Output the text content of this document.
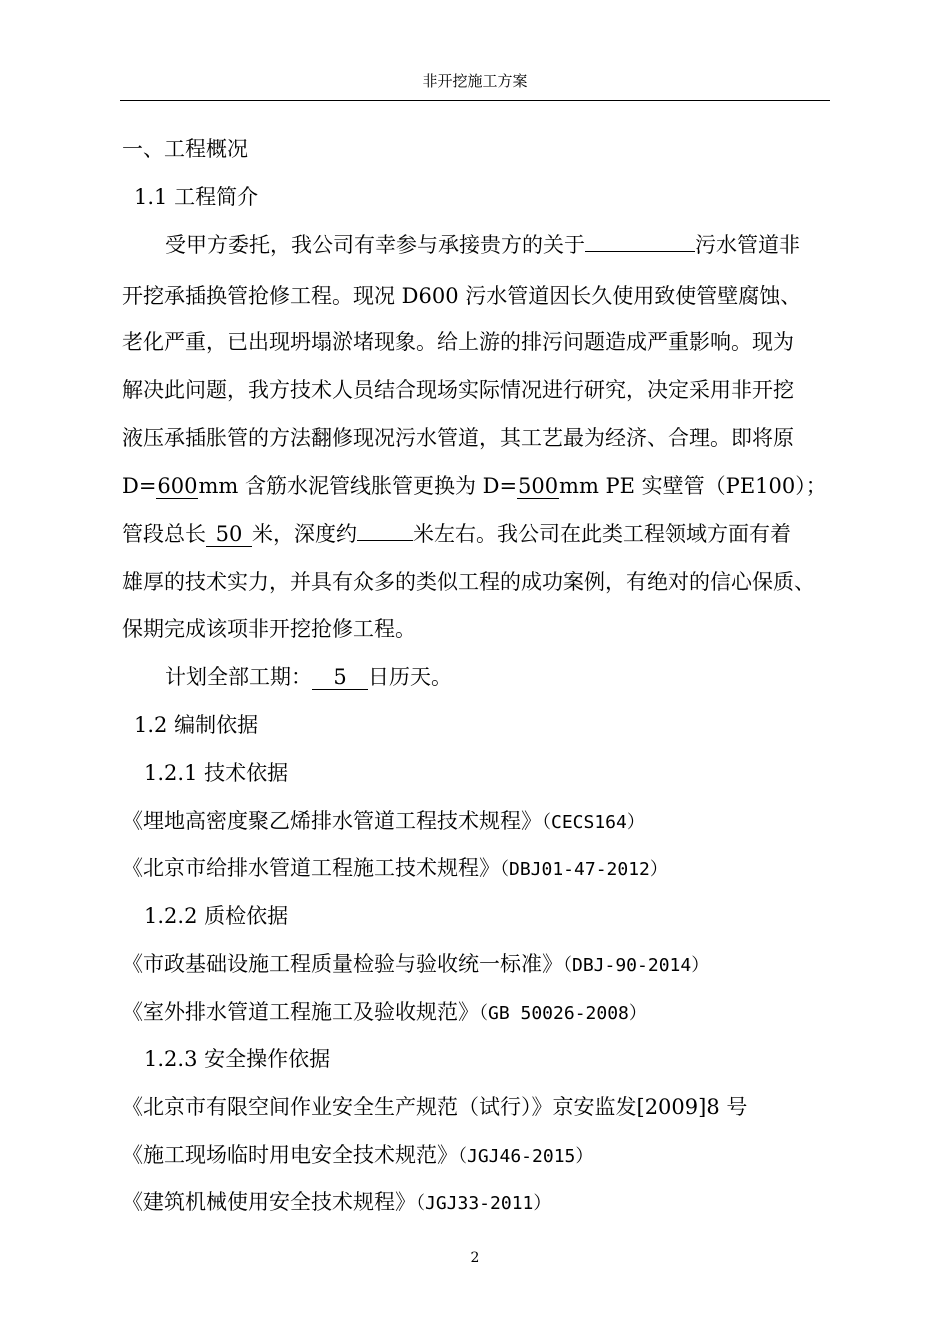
非开挖施工方案
一、工程概况
1.1 工程简介
受甲方委托，我公司有幸参与承接贵方的关于	污水管道非
开挖承插换管抢修工程。现况 D600 污水管道因长久使用致使管壁腐蚀、
老化严重，已出现坍塌淤堵现象。给上游的排污问题造成严重影响。现为
解决此问题，我方技术人员结合现场实际情况进行研究，决定采用非开挖
液压承插胀管的方法翻修现况污水管道，其工艺最为经济、合理。即将原
D=600mm 含筋水泥管线胀管更换为 D=500mm PE 实壁管（PE100）；
管段总长 50 米，深度约	米左右。我公司在此类工程领域方面有着
雄厚的技术实力，并具有众多的类似工程的成功案例，有绝对的信心保质、
保期完成该项非开挖抢修工程。
计划全部工期： 5 日历天。
1.2 编制依据
1.2.1 技术依据
《埋地高密度聚乙烯排水管道工程技术规程》（CECS164）
《北京市给排水管道工程施工技术规程》（DBJ01-47-2012）
1.2.2 质检依据
《市政基础设施工程质量检验与验收统一标准》（DBJ-90-2014）
《室外排水管道工程施工及验收规范》（GB 50026-2008）
1.2.3 安全操作依据
《北京市有限空间作业安全生产规范（试行）》京安监发[2009]8 号
《施工现场临时用电安全技术规范》（JGJ46-2015）
《建筑机械使用安全技术规程》（JGJ33-2011）
2
